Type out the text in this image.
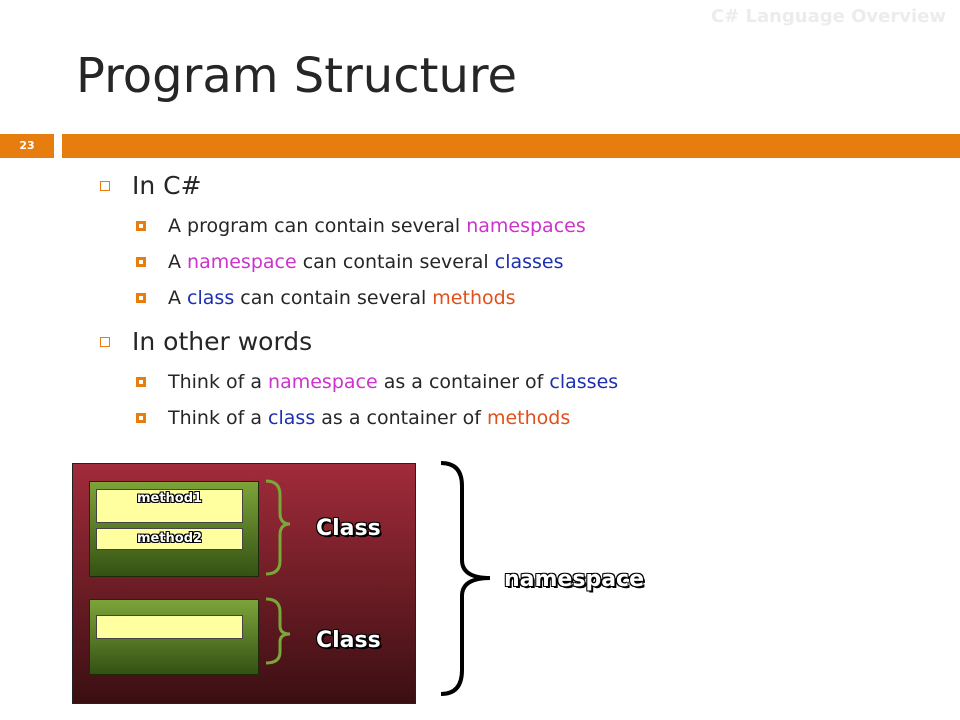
C# Language Overview
Program Structure
23
In C#
A program can contain several namespaces
A namespace can contain several classes
A class can contain several methods
In other words
Think of a namespace as a container of classes
Think of a class as a container of methods
method1
method2	Class
Class
namespace
